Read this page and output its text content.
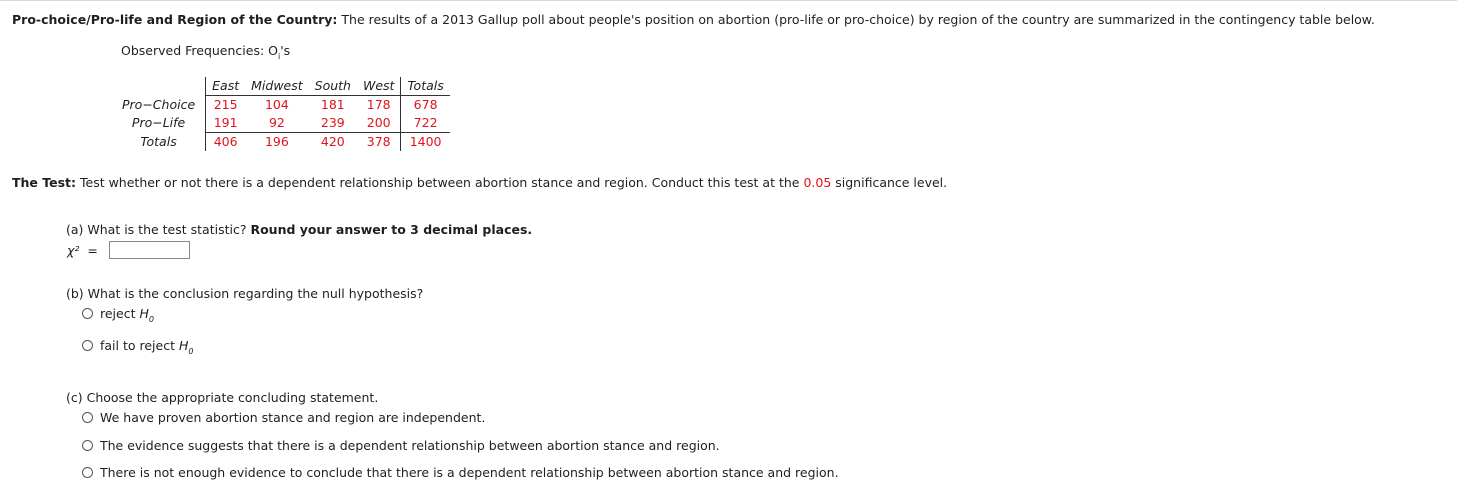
Pro-choice/Pro-life and Region of the Country: The results of a 2013 Gallup poll about people's position on abortion (pro-life or pro-choice) by region of the country are summarized in the contingency table below.
Observed Frequencies: $O_i's$
	East	Midwest	South	West	Totals
Pro−Choice	215	104	181	178	678
Pro−Life	191	92	239	200	722
Totals	406	196	420	378	1400
The Test: Test whether or not there is a dependent relationship between abortion stance and region. Conduct this test at the 0.05 significance level.
(a) What is the test statistic? Round your answer to 3 decimal places.
χ² =
(b) What is the conclusion regarding the null hypothesis?
reject
$H_0$
fail to reject
$H_0$
(c) Choose the appropriate concluding statement.
We have proven abortion stance and region are independent.
The evidence suggests that there is a dependent relationship between abortion stance and region.
There is not enough evidence to conclude that there is a dependent relationship between abortion stance and region.
